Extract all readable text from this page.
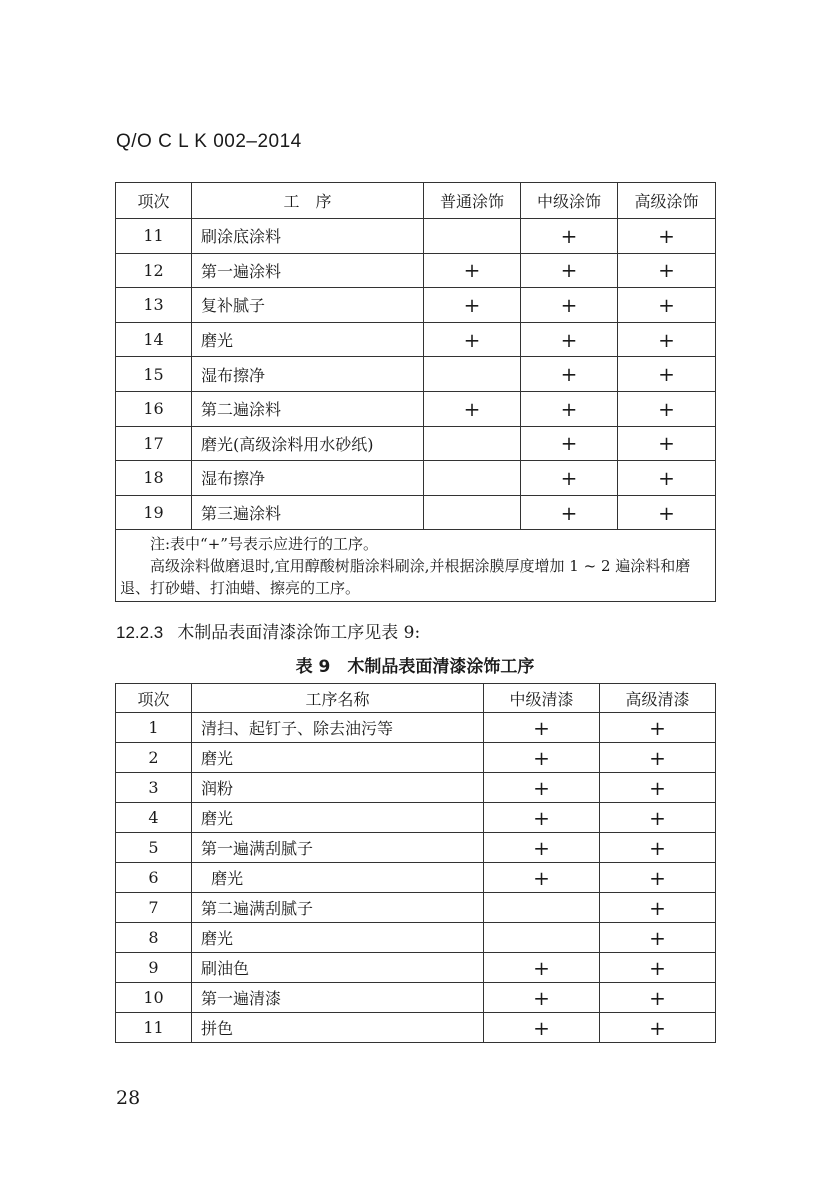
Q/O C L K 002–2014
项次	工　序	普通涂饰	中级涂饰	高级涂饰
11	刷涂底涂料		+	+
12	第一遍涂料	+	+	+
13	复补腻子	+	+	+
14	磨光	+	+	+
15	湿布擦净		+	+
16	第二遍涂料	+	+	+
17	磨光(高级涂料用水砂纸)		+	+
18	湿布擦净		+	+
19	第三遍涂料		+	+

注:表中“+”号表示应进行的工序。

高级涂料做磨退时,宜用醇酸树脂涂料刷涂,并根据涂膜厚度增加 1 ~ 2 遍涂料和磨退、打砂蜡、打油蜡、擦亮的工序。				

12.2.3 木制品表面清漆涂饰工序见表 9:
表 9　木制品表面清漆涂饰工序
项次	工序名称	中级清漆	高级清漆
1	清扫、起钉子、除去油污等	+	+
2	磨光	+	+
3	润粉	+	+
4	磨光	+	+
5	第一遍满刮腻子	+	+
6	磨光	+	+
7	第二遍满刮腻子		+
8	磨光		+
9	刷油色	+	+
10	第一遍清漆	+	+
11	拼色	+	+
28
